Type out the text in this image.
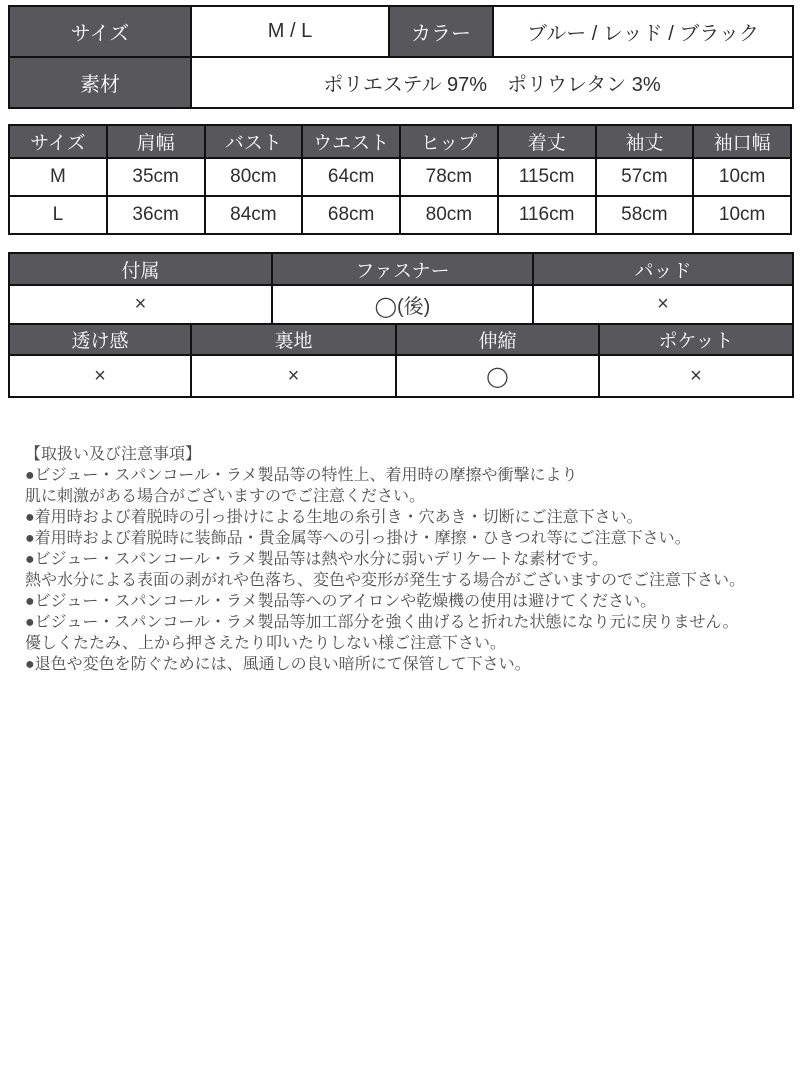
サイズ	M / L	カラー	ブルー / レッド / ブラック
素材	ポリエステル 97%　ポリウレタン 3%		
サイズ	肩幅	バスト	ウエスト	ヒップ	着丈	袖丈	袖口幅
M	35cm	80cm	64cm	78cm	115cm	57cm	10cm
L	36cm	84cm	68cm	80cm	116cm	58cm	10cm
付属	ファスナー	パッド
×	◯(後)	×
透け感	裏地	伸縮	ポケット
×	×	◯	×
【取扱い及び注意事項】
●ビジュー・スパンコール・ラメ製品等の特性上、着用時の摩擦や衝撃により
肌に刺激がある場合がございますのでご注意ください。
●着用時および着脱時の引っ掛けによる生地の糸引き・穴あき・切断にご注意下さい。
●着用時および着脱時に装飾品・貴金属等への引っ掛け・摩擦・ひきつれ等にご注意下さい。
●ビジュー・スパンコール・ラメ製品等は熱や水分に弱いデリケートな素材です。
熱や水分による表面の剥がれや色落ち、変色や変形が発生する場合がございますのでご注意下さい。
●ビジュー・スパンコール・ラメ製品等へのアイロンや乾燥機の使用は避けてください。
●ビジュー・スパンコール・ラメ製品等加工部分を強く曲げると折れた状態になり元に戻りません。
優しくたたみ、上から押さえたり叩いたりしない様ご注意下さい。
●退色や変色を防ぐためには、風通しの良い暗所にて保管して下さい。
